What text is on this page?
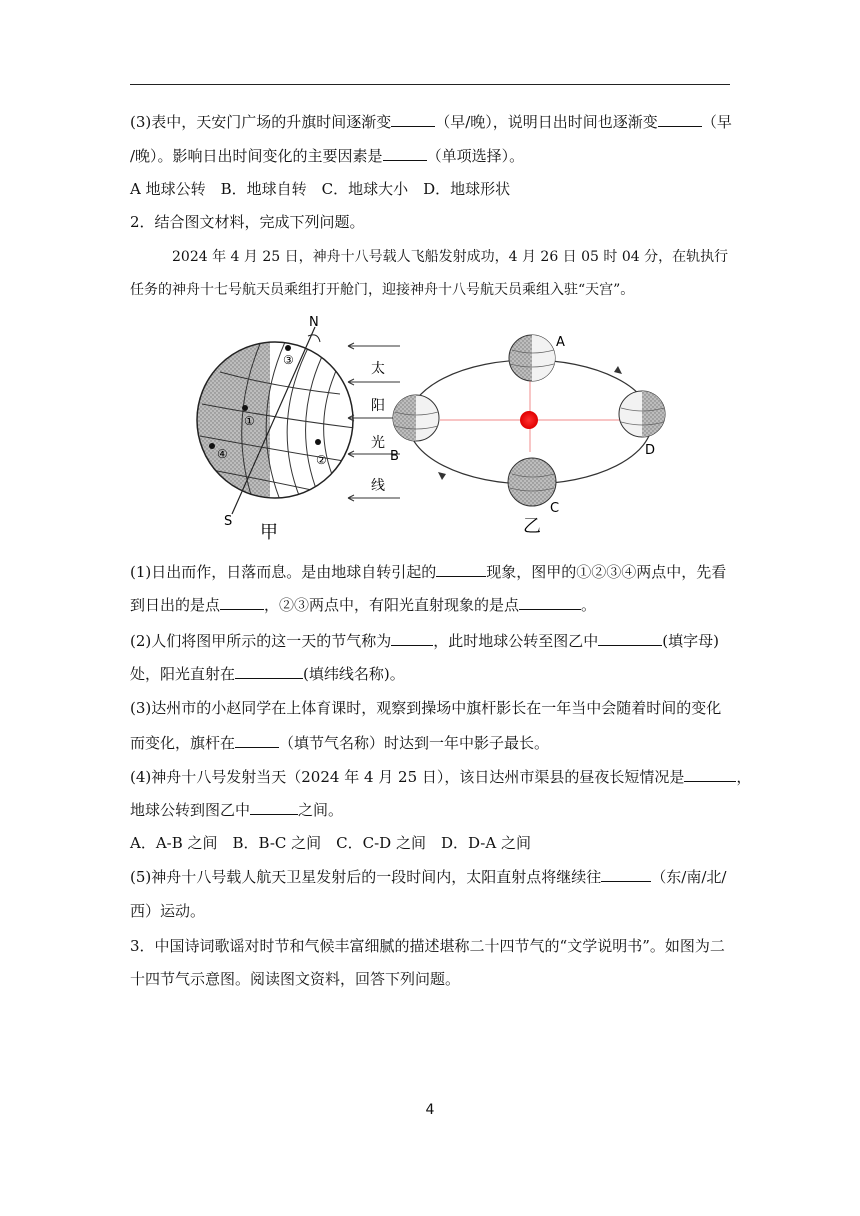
(3)表中，天安门广场的升旗时间逐渐变	（早/晚），说明日出时间也逐渐变	（早
/晚）。影响日出时间变化的主要因素是	（单项选择）。
A 地球公转　B．地球自转　C．地球大小　D．地球形状
2．结合图文材料，完成下列问题。
2024 年 4 月 25 日，神舟十八号载人飞船发射成功，4 月 26 日 05 时 04 分，在轨执行
任务的神舟十七号航天员乘组打开舱门，迎接神舟十八号航天员乘组入驻“天宫”。
N
S
甲
①
②
③
④
太
阳
光
线
A
B
C
D
乙
(1)日出而作，日落而息。是由地球自转引起的	现象，图甲的①②③④两点中，先看
到日出的是点	，②③两点中，有阳光直射现象的是点	。
(2)人们将图甲所示的这一天的节气称为	，此时地球公转至图乙中	(填字母)
处，阳光直射在	(填纬线名称)。
(3)达州市的小赵同学在上体育课时，观察到操场中旗杆影长在一年当中会随着时间的变化
而变化，旗杆在	（填节气名称）时达到一年中影子最长。
(4)神舟十八号发射当天（2024 年 4 月 25 日），该日达州市渠县的昼夜长短情况是	，
地球公转到图乙中	之间。
A．A-B 之间　B．B-C 之间　C．C-D 之间　D．D-A 之间
(5)神舟十八号载人航天卫星发射后的一段时间内，太阳直射点将继续往	（东/南/北/
西）运动。
3．中国诗词歌谣对时节和气候丰富细腻的描述堪称二十四节气的“文学说明书”。如图为二
十四节气示意图。阅读图文资料，回答下列问题。
4
